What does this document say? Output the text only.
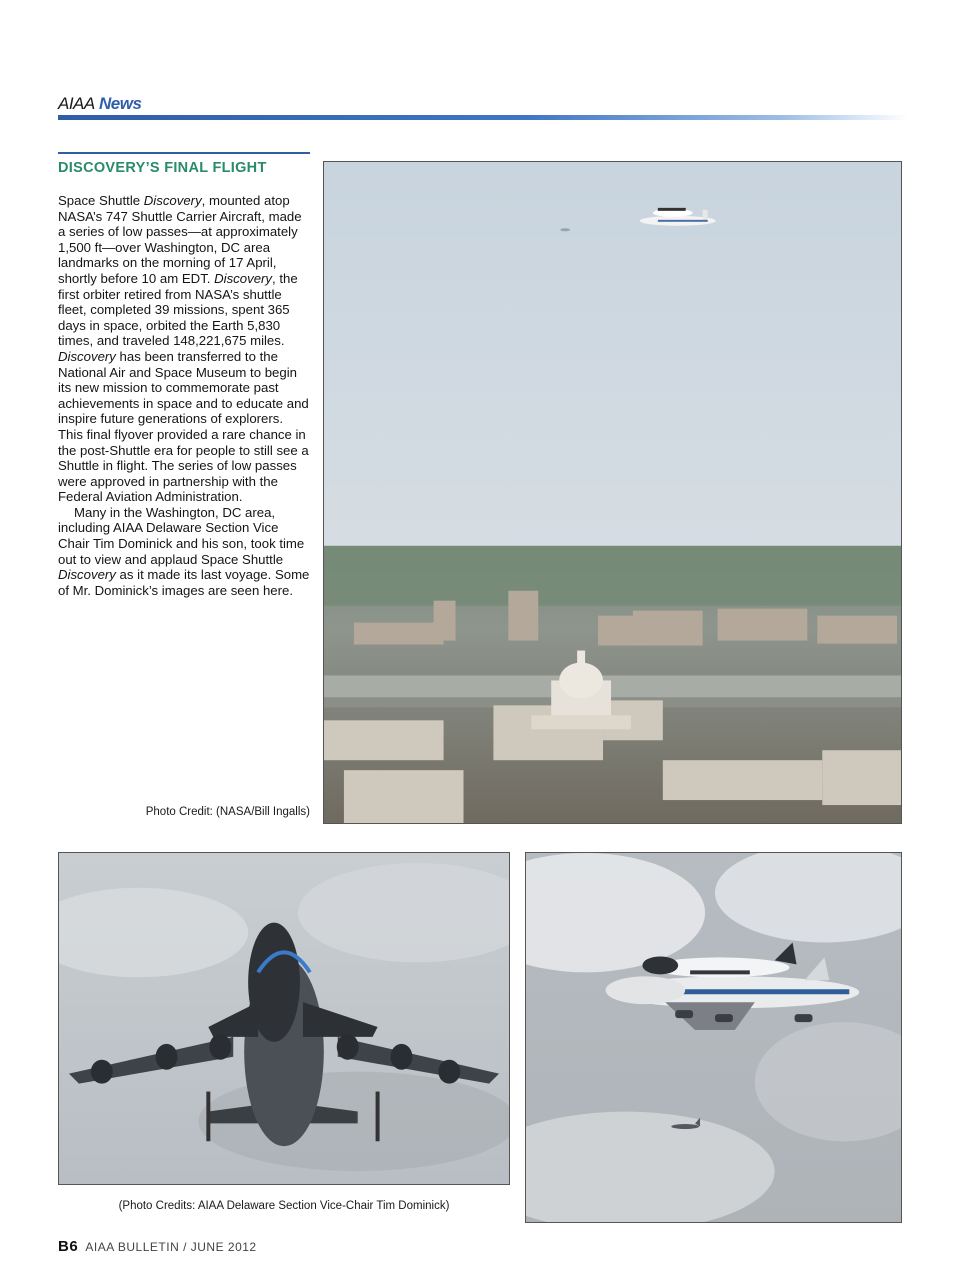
AIAA News
DISCOVERY’S FINAL FLIGHT

Space Shuttle Discovery, mounted atop NASA’s 747 Shuttle Carrier Aircraft, made a series of low passes—at approximately 1,500 ft—over Washington, DC area landmarks on the morning of 17 April, shortly before 10 am EDT. Discovery, the first orbiter retired from NASA’s shuttle fleet, completed 39 missions, spent 365 days in space, orbited the Earth 5,830 times, and traveled 148,221,675 miles. Discovery has been transferred to the National Air and Space Museum to begin its new mission to commemorate past achievements in space and to educate and inspire future generations of explorers. This final flyover provided a rare chance in the post-Shuttle era for people to still see a Shuttle in flight. The series of low passes were approved in partnership with the Federal Aviation Administration.

Many in the Washington, DC area, including AIAA Delaware Section Vice Chair Tim Dominick and his son, took time out to view and applaud Space Shuttle Discovery as it made its last voyage. Some of Mr. Dominick’s images are seen here.

Photo Credit: (NASA/Bill Ingalls)
(Photo Credits: AIAA Delaware Section Vice-Chair Tim Dominick)
B6 AIAA BULLETIN / JUNE 2012
